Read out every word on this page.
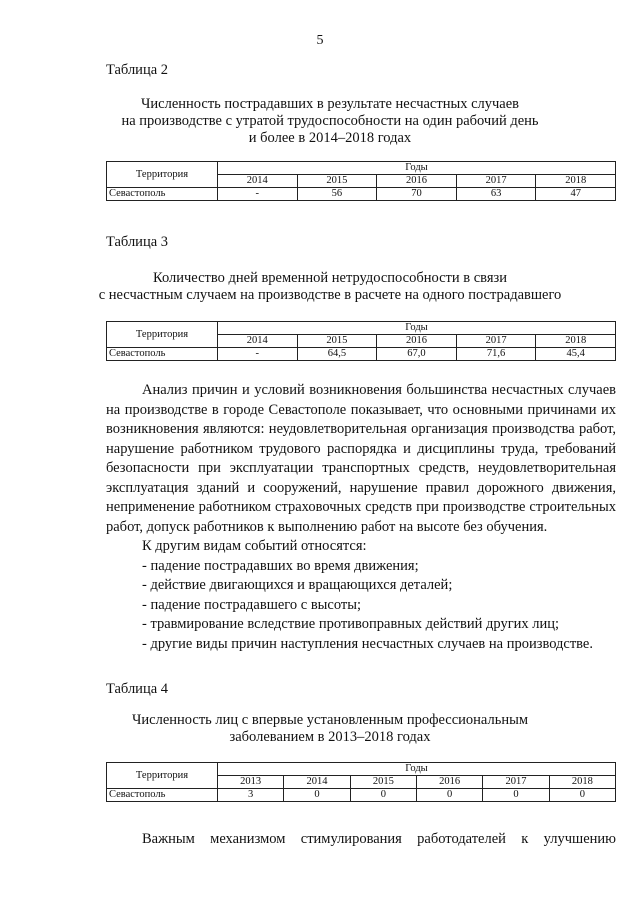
5
Таблица 2
Численность пострадавших в результате несчастных случаев
на производстве с утратой трудоспособности на один рабочий день
и более в 2014–2018 годах
Территория	Годы				
	2014	2015	2016	2017	2018
Севастополь	-	56	70	63	47
Таблица 3
Количество дней временной нетрудоспособности в связи
с несчастным случаем на производстве в расчете на одного пострадавшего
Территория	Годы				
	2014	2015	2016	2017	2018
Севастополь	-	64,5	67,0	71,6	45,4

Анализ причин и условий возникновения большинства несчастных случаев на производстве в городе Севастополе показывает, что основными причинами их возникновения являются: неудовлетворительная организация производства работ, нарушение работником трудового распорядка и дисциплины труда, требований безопасности при эксплуатации транспортных средств, неудовлетворительная эксплуатация зданий и сооружений, нарушение правил дорожного движения, неприменение работником страховочных средств при производстве строительных работ, допуск работников к выполнению работ на высоте без обучения.

К другим видам событий относятся:

- падение пострадавших во время движения;

- действие двигающихся и вращающихся деталей;

- падение пострадавшего с высоты;

- травмирование вследствие противоправных действий других лиц;

- другие виды причин наступления несчастных случаев на производстве.

Таблица 4
Численность лиц с впервые установленным профессиональным
заболеванием в 2013–2018 годах
Территория	Годы					
	2013	2014	2015	2016	2017	2018
Севастополь	3	0	0	0	0	0

Важным механизмом стимулирования работодателей к улучшению
